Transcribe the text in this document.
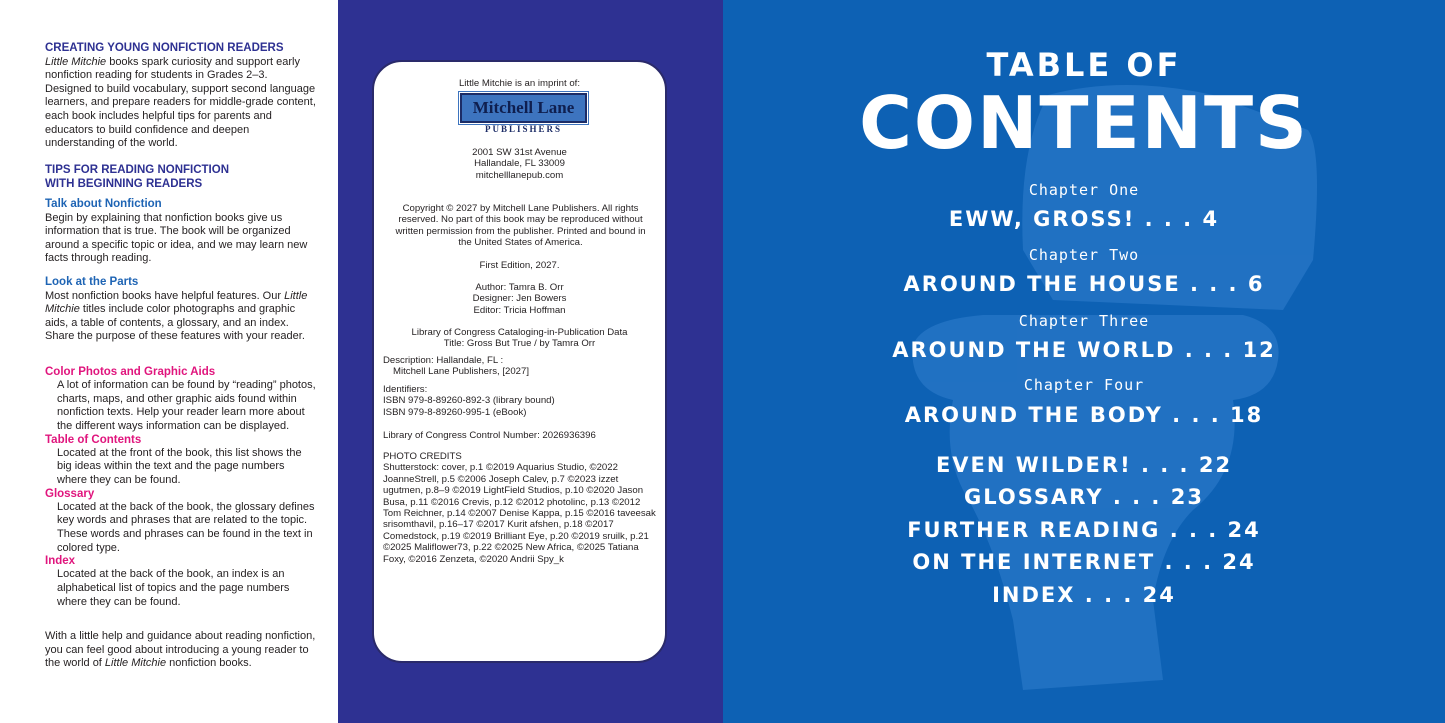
CREATING YOUNG NONFICTION READERS

Little Mitchie books spark curiosity and support early nonfiction reading for students in Grades 2–3. Designed to build vocabulary, support second language learners, and prepare readers for middle-grade content, each book includes helpful tips for parents and educators to build confidence and deepen understanding of the world.

TIPS FOR READING NONFICTION

WITH BEGINNING READERS

Talk about Nonfiction

Begin by explaining that nonfiction books give us information that is true. The book will be organized around a specific topic or idea, and we may learn new facts through reading.

Look at the Parts

Most nonfiction books have helpful features. Our Little Mitchie titles include color photographs and graphic aids, a table of contents, a glossary, and an index. Share the purpose of these features with your reader.

Color Photos and Graphic Aids

A lot of information can be found by “reading” photos, charts, maps, and other graphic aids found within nonfiction texts. Help your reader learn more about the different ways information can be displayed.

Table of Contents

Located at the front of the book, this list shows the big ideas within the text and the page numbers where they can be found.

Glossary

Located at the back of the book, the glossary defines key words and phrases that are related to the topic. These words and phrases can be found in the text in colored type.

Index

Located at the back of the book, an index is an alphabetical list of topics and the page numbers where they can be found.

With a little help and guidance about reading nonfiction, you can feel good about introducing a young reader to the world of Little Mitchie nonfiction books.

Little Mitchie is an imprint of:
Mitchell Lane
PUBLISHERS
2001 SW 31st Avenue
Hallandale, FL 33009
mitchelllanepub.com
Copyright © 2027 by Mitchell Lane Publishers. All rights reserved. No part of this book may be reproduced without written permission from the publisher. Printed and bound in the United States of America.
First Edition, 2027.
Author: Tamra B. Orr
Designer: Jen Bowers
Editor: Tricia Hoffman
Library of Congress Cataloging-in-Publication Data
Title: Gross But True / by Tamra Orr
Description: Hallandale, FL :
Mitchell Lane Publishers, [2027]
Identifiers:
ISBN 979-8-89260-892-3 (library bound)
ISBN 979-8-89260-995-1 (eBook)
Library of Congress Control Number: 2026936396
PHOTO CREDITS
Shutterstock: cover, p.1 ©2019 Aquarius Studio, ©2022 JoanneStrell, p.5 ©2006 Joseph Calev, p.7 ©2023 izzet ugutmen, p.8–9 ©2019 LightField Studios, p.10 ©2020 Jason Busa, p.11 ©2016 Crevis, p.12 ©2012 photolinc, p.13 ©2012 Tom Reichner, p.14 ©2007 Denise Kappa, p.15 ©2016 taveesak srisomthavil, p.16–17 ©2017 Kurit afshen, p.18 ©2017 Comedstock, p.19 ©2019 Brilliant Eye, p.20 ©2019 sruilk, p.21 ©2025 Maliflower73, p.22 ©2025 New Africa, ©2025 Tatiana Foxy, ©2016 Zenzeta, ©2020 Andrii Spy_k
TABLE OF
CONTENTS
Chapter One
EWW, GROSS! . . . 4
Chapter Two
AROUND THE HOUSE . . . 6
Chapter Three
AROUND THE WORLD . . . 12
Chapter Four
AROUND THE BODY . . . 18
EVEN WILDER! . . . 22
GLOSSARY . . . 23
FURTHER READING . . . 24
ON THE INTERNET . . . 24
INDEX . . . 24
